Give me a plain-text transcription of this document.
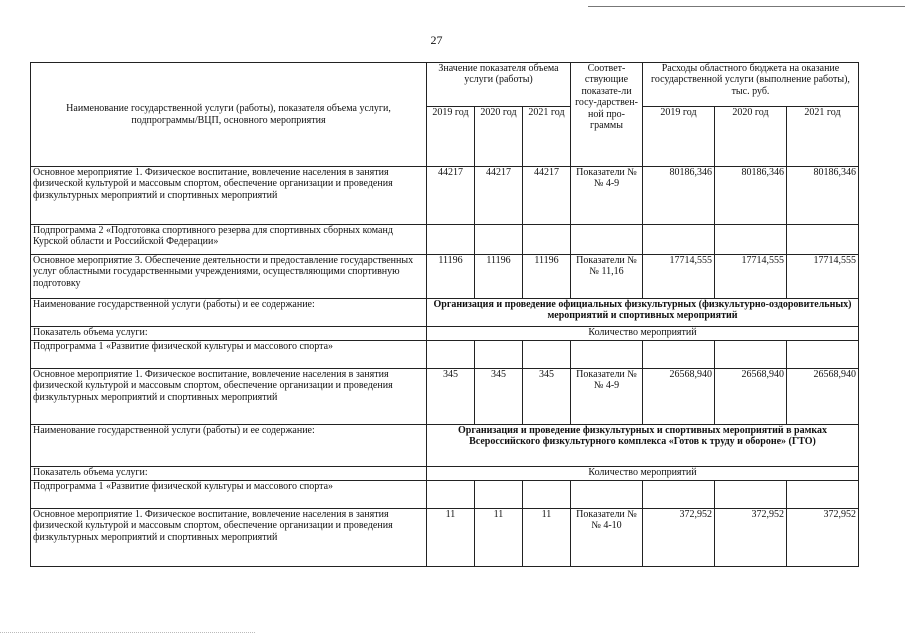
27
Наименование государственной услуги (работы), показателя объема услуги, подпрограммы/ВЦП, основного мероприятия	Значение показателя объема услуги (работы)			Соответ-ствующие показате-ли госу-дарствен-ной про-граммы	Расходы областного бюджета на оказание государственной услуги (выполнение работы), тыс. руб.		
	2019 год	2020 год	2021 год		2019 год	2020 год	2021 год
Основное мероприятие 1. Физическое воспитание, вовлечение населения в занятия физической культурой и массовым спортом, обеспечение организации и проведения физкультурных мероприятий и спортивных мероприятий	44217	44217	44217	Показатели №№ 4-9	80186,346	80186,346	80186,346
Подпрограмма 2 «Подготовка спортивного резерва для спортивных сборных команд Курской области и Российской Федерации»							
Основное мероприятие 3. Обеспечение деятельности и предоставление государственных услуг областными государственными учреждениями, осуществляющими спортивную подготовку	11196	11196	11196	Показатели №№ 11,16	17714,555	17714,555	17714,555
Наименование государственной услуги (работы) и ее содержание:	Организация и проведение официальных физкультурных (физкультурно-оздоровительных) мероприятий и спортивных мероприятий						
Показатель объема услуги:	Количество мероприятий						
Подпрограмма 1 «Развитие физической культуры и массового спорта»							
Основное мероприятие 1. Физическое воспитание, вовлечение населения в занятия физической культурой и массовым спортом, обеспечение организации и проведения физкультурных мероприятий и спортивных мероприятий	345	345	345	Показатели №№ 4-9	26568,940	26568,940	26568,940
Наименование государственной услуги (работы) и ее содержание:	Организация и проведение физкультурных и спортивных мероприятий в рамках Всероссийского физкультурного комплекса «Готов к труду и обороне» (ГТО)						
Показатель объема услуги:	Количество мероприятий						
Подпрограмма 1 «Развитие физической культуры и массового спорта»							
Основное мероприятие 1. Физическое воспитание, вовлечение населения в занятия физической культурой и массовым спортом, обеспечение организации и проведения физкультурных мероприятий и спортивных мероприятий	11	11	11	Показатели №№ 4-10	372,952	372,952	372,952
